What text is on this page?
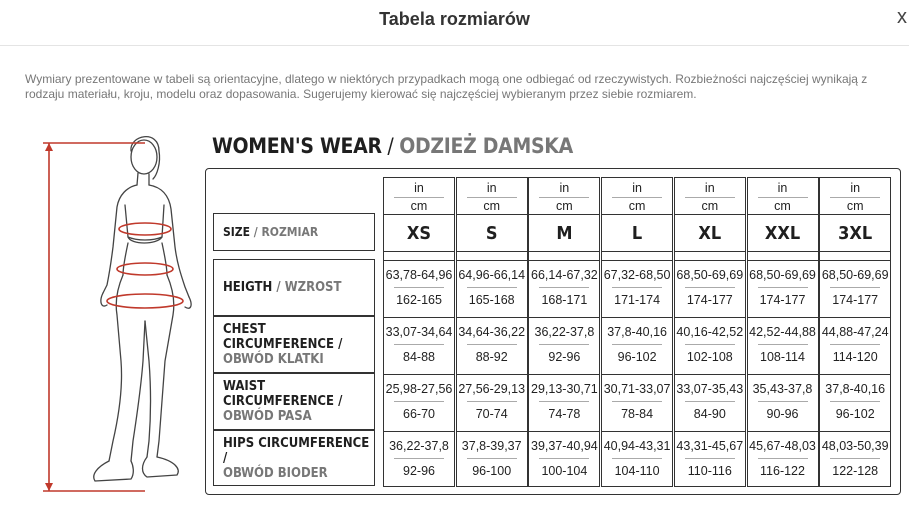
Tabela rozmiarów	x
Wymiary prezentowane w tabeli są orientacyjne, dlatego w niektórych przypadkach mogą one odbiegać od rzeczywistych. Rozbieżności najczęściej wynikają z rodzaju materiału, kroju, modelu oraz dopasowania. Sugerujemy kierować się najczęściej wybieranym przez siebie rozmiarem.
WOMEN'S WEAR / ODZIEŻ DAMSKA
SIZE / ROZMIAR
HEIGTH / WZROST
CHEST CIRCUMFERENCE /
OBWÓD KLATKI
WAIST CIRCUMFERENCE /
OBWÓD PASA
HIPS CIRCUMFERENCE /
OBWÓD BIODER
in
cm
XS
63,78-64,96
162-165
33,07-34,64
84-88
25,98-27,56
66-70
36,22-37,8
92-96
in
cm
S
64,96-66,14
165-168
34,64-36,22
88-92
27,56-29,13
70-74
37,8-39,37
96-100
in
cm
M
66,14-67,32
168-171
36,22-37,8
92-96
29,13-30,71
74-78
39,37-40,94
100-104
in
cm
L
67,32-68,50
171-174
37,8-40,16
96-102
30,71-33,07
78-84
40,94-43,31
104-110
in
cm
XL
68,50-69,69
174-177
40,16-42,52
102-108
33,07-35,43
84-90
43,31-45,67
110-116
in
cm
XXL
68,50-69,69
174-177
42,52-44,88
108-114
35,43-37,8
90-96
45,67-48,03
116-122
in
cm
3XL
68,50-69,69
174-177
44,88-47,24
114-120
37,8-40,16
96-102
48,03-50,39
122-128
